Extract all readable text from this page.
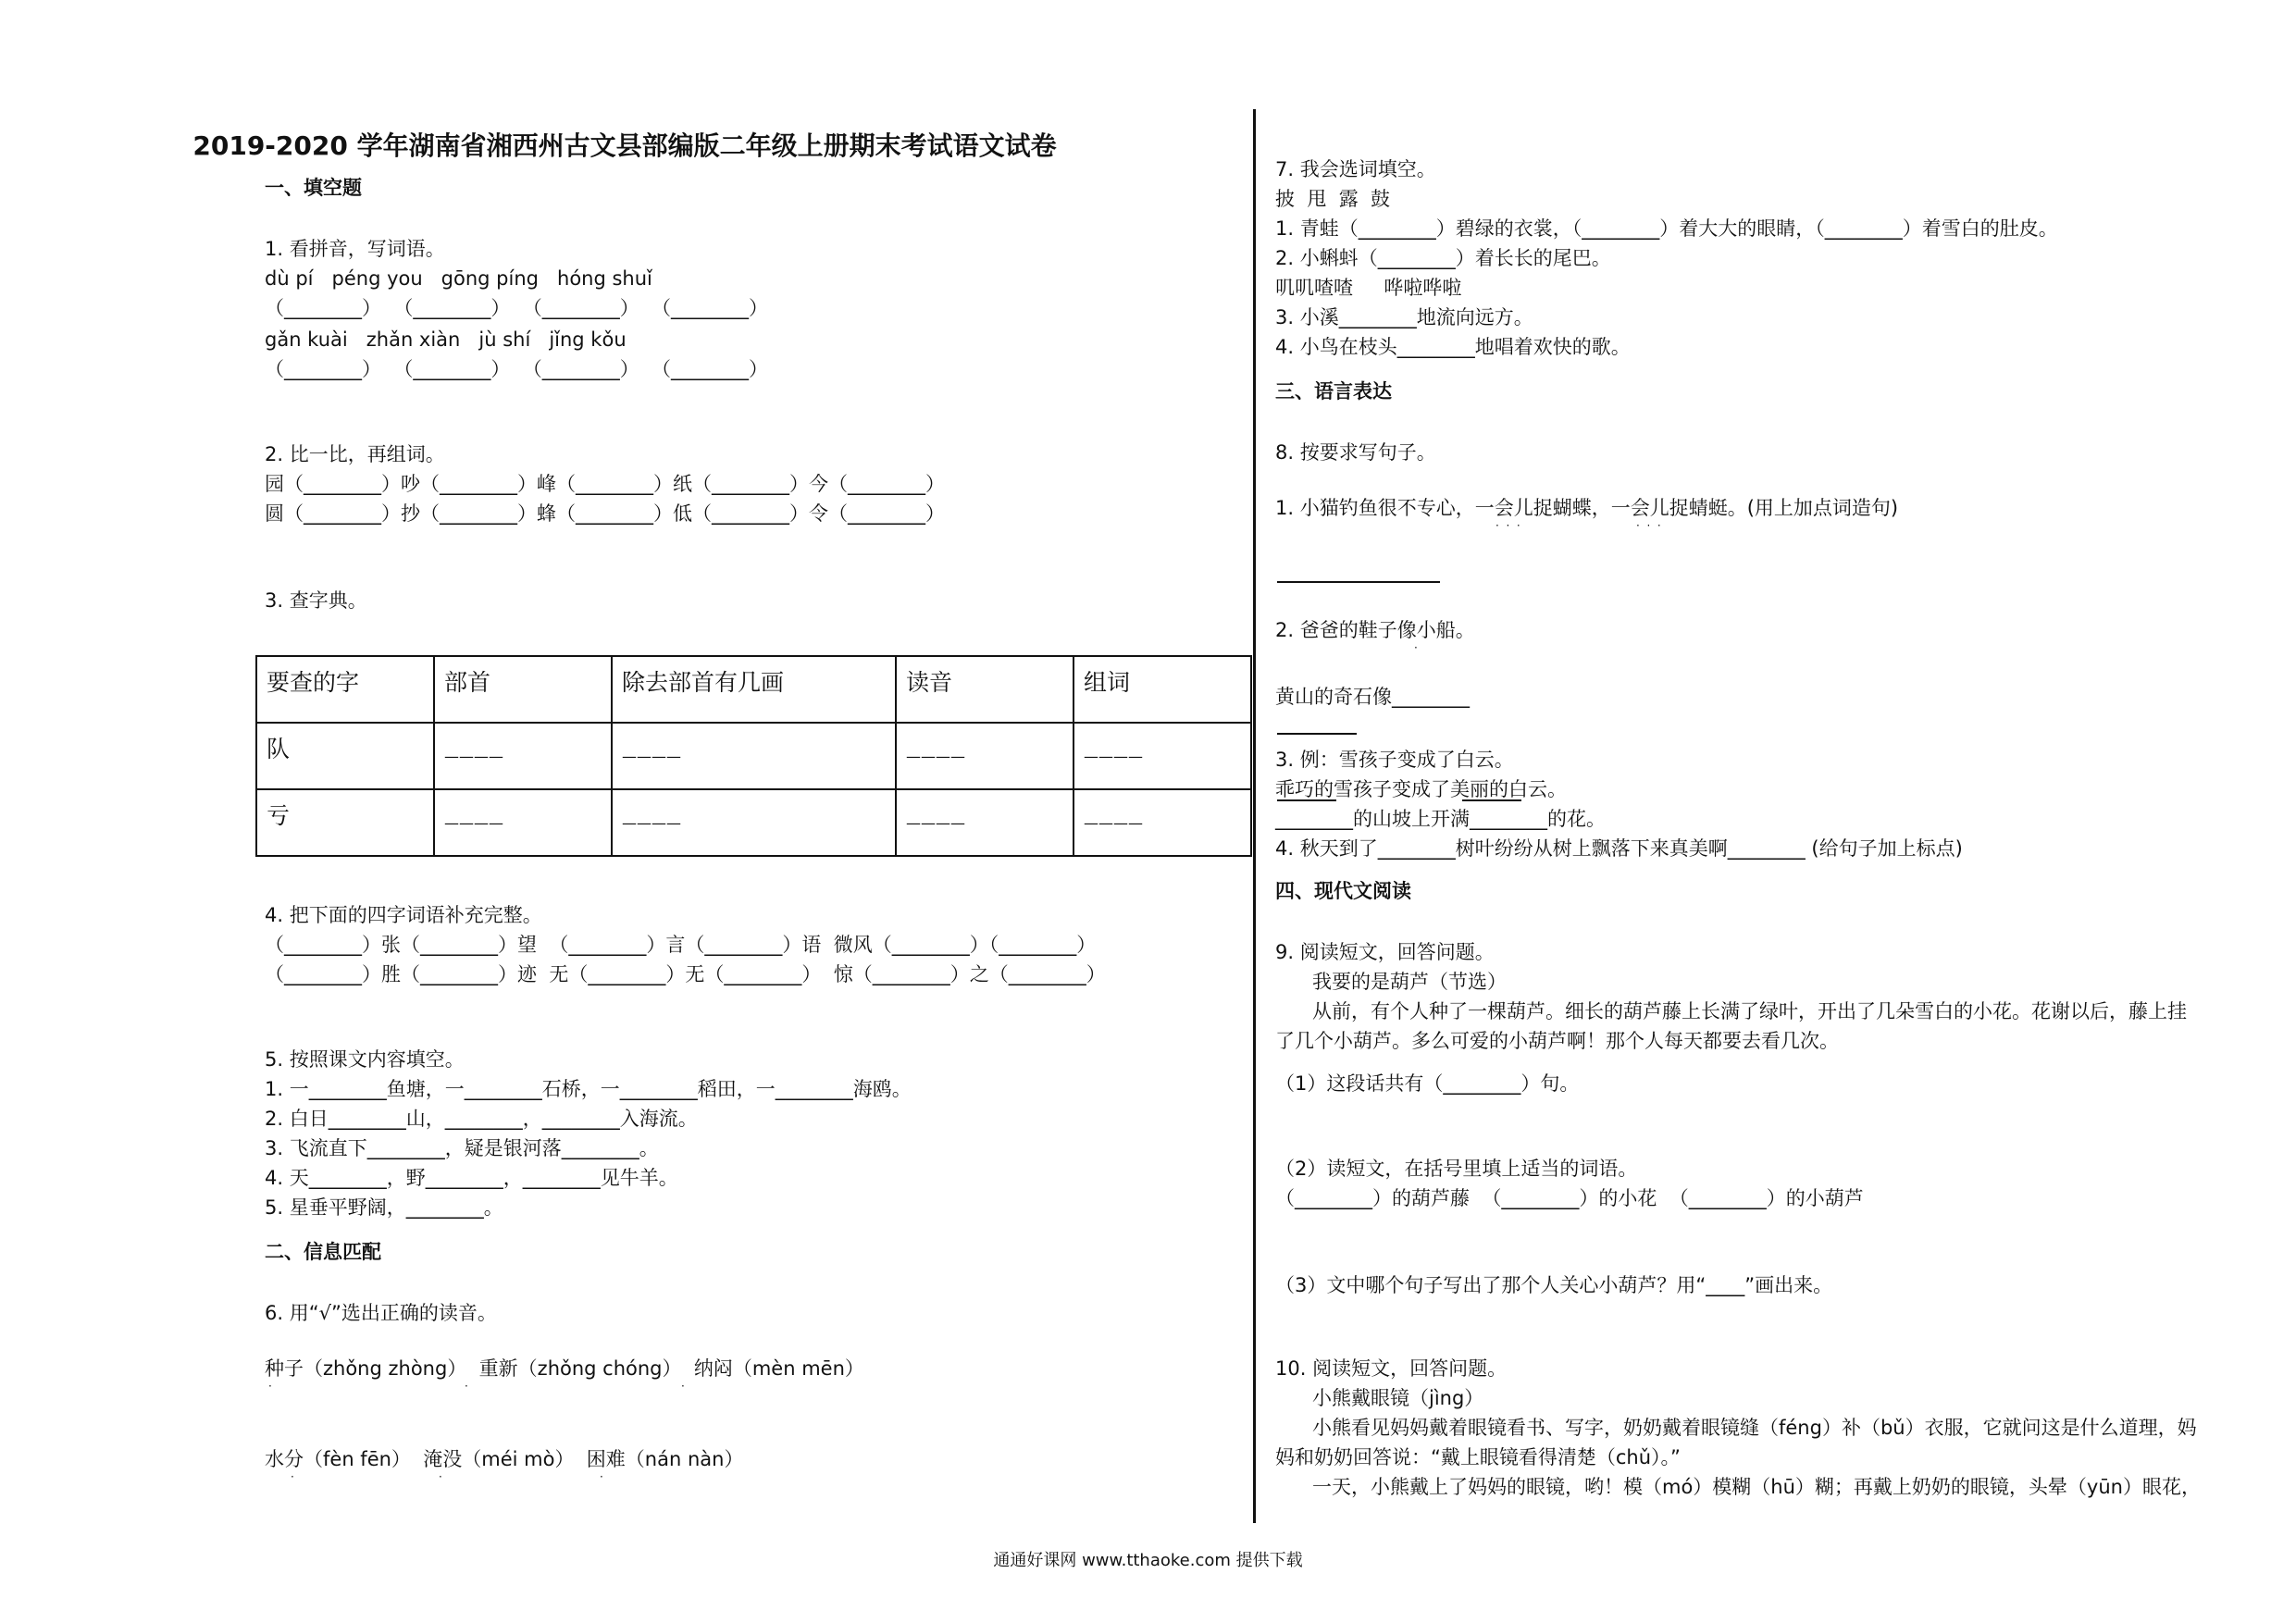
2019-2020 学年湖南省湘西州古文县部编版二年级上册期末考试语文试卷
一、填空题
1. 看拼音，写词语。
dù pí   péng you   gōng píng   hóng shuǐ
（________）  （________）  （________）  （________）
gǎn kuài   zhǎn xiàn   jù shí   jǐng kǒu
（________）  （________）  （________）  （________）
2. 比一比，再组词。
园（________）吵（________）峰（________）纸（________）今（________）
圆（________）抄（________）蜂（________）低（________）令（________）
3. 查字典。
要查的字	部首	除去部首有几画	读音	组词
队	————	————	————	————
亏	————	————	————	————
4. 把下面的四字词语补充完整。
（________）张（________）望  （________）言（________）语  微风（________）（________）
（________）胜（________）迹  无（________）无（________）  惊（________）之（________）
5. 按照课文内容填空。
1. 一________鱼塘，一________石桥，一________稻田，一________海鸥。
2. 白日________山，________，________入海流。
3. 飞流直下________，疑是银河落________。
4. 天________，野________，________见牛羊。
5. 星垂平野阔，________。
二、信息匹配
6. 用“√”选出正确的读音。
种子（zhǒng zhòng）  重新（zhǒng chóng）  纳闷（mèn mēn）
·	·	·
水分（fèn fēn）  淹没（méi mò）  困难（nán nàn）
·	·	·
7. 我会选词填空。
披  甩  露  鼓
1. 青蛙（________）碧绿的衣裳，（________）着大大的眼睛，（________）着雪白的肚皮。
2. 小蝌蚪（________）着长长的尾巴。
叽叽喳喳     哗啦哗啦
3. 小溪________地流向远方。
4. 小鸟在枝头________地唱着欢快的歌。
三、语言表达
8. 按要求写句子。
1. 小猫钓鱼很不专心，一会儿捉蝴蝶，一会儿捉蜻蜓。(用上加点词造句)
·  ·  ·	·  ·  ·
2. 爸爸的鞋子像小船。
·
黄山的奇石像________
3. 例：雪孩子变成了白云。
乖巧的雪孩子变成了美丽的白云。
________的山坡上开满________的花。
4. 秋天到了________树叶纷纷从树上飘落下来真美啊________ (给句子加上标点)
四、现代文阅读
9. 阅读短文，回答问题。
我要的是葫芦（节选）
从前，有个人种了一棵葫芦。细长的葫芦藤上长满了绿叶，开出了几朵雪白的小花。花谢以后，藤上挂
了几个小葫芦。多么可爱的小葫芦啊！那个人每天都要去看几次。
（1）这段话共有（________）句。
（2）读短文，在括号里填上适当的词语。
（________）的葫芦藤  （________）的小花  （________）的小葫芦
（3）文中哪个句子写出了那个人关心小葫芦？用“____”画出来。
10. 阅读短文，回答问题。
小熊戴眼镜（jìng）
小熊看见妈妈戴着眼镜看书、写字，奶奶戴着眼镜缝（féng）补（bǔ）衣服，它就问这是什么道理，妈
妈和奶奶回答说：“戴上眼镜看得清楚（chǔ）。”
一天，小熊戴上了妈妈的眼镜，哟！模（mó）模糊（hū）糊；再戴上奶奶的眼镜，头晕（yūn）眼花，
通通好课网 www.tthaoke.com 提供下载
